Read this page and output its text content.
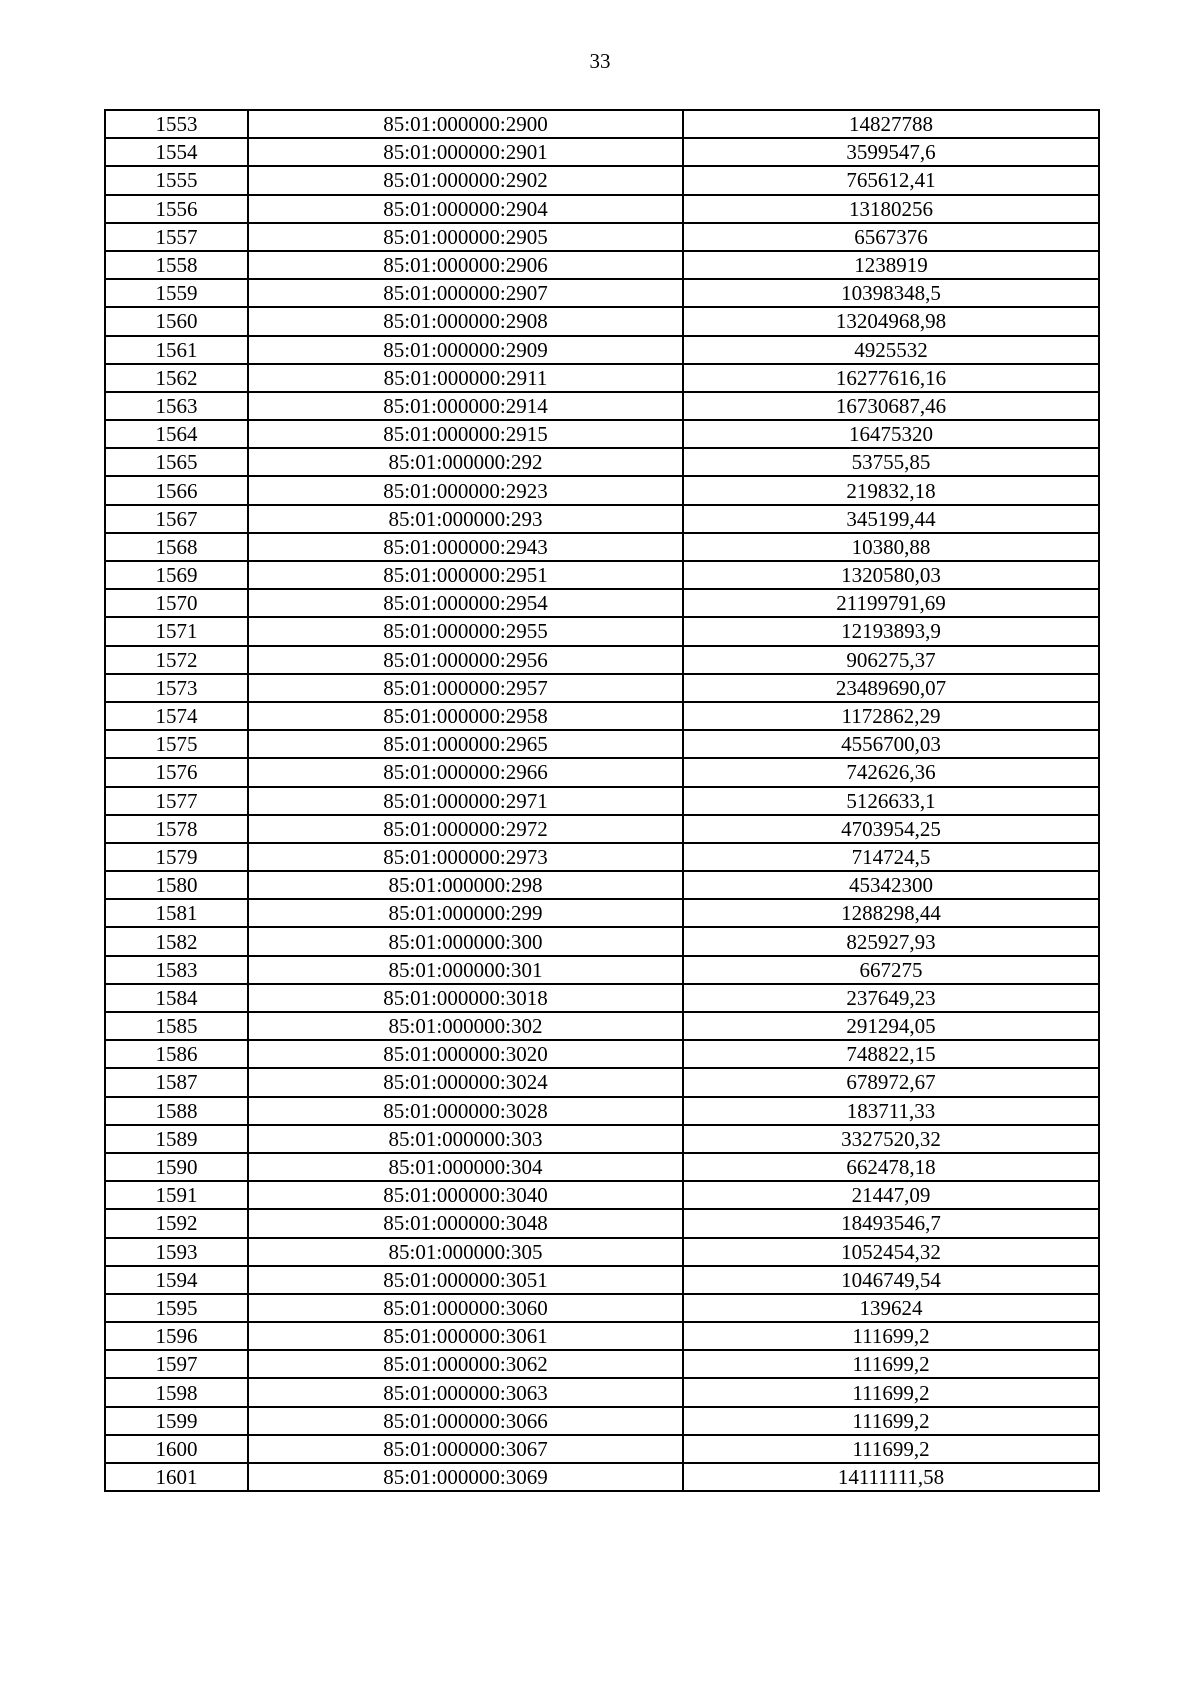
33
1553	85:01:000000:2900	14827788
1554	85:01:000000:2901	3599547,6
1555	85:01:000000:2902	765612,41
1556	85:01:000000:2904	13180256
1557	85:01:000000:2905	6567376
1558	85:01:000000:2906	1238919
1559	85:01:000000:2907	10398348,5
1560	85:01:000000:2908	13204968,98
1561	85:01:000000:2909	4925532
1562	85:01:000000:2911	16277616,16
1563	85:01:000000:2914	16730687,46
1564	85:01:000000:2915	16475320
1565	85:01:000000:292	53755,85
1566	85:01:000000:2923	219832,18
1567	85:01:000000:293	345199,44
1568	85:01:000000:2943	10380,88
1569	85:01:000000:2951	1320580,03
1570	85:01:000000:2954	21199791,69
1571	85:01:000000:2955	12193893,9
1572	85:01:000000:2956	906275,37
1573	85:01:000000:2957	23489690,07
1574	85:01:000000:2958	1172862,29
1575	85:01:000000:2965	4556700,03
1576	85:01:000000:2966	742626,36
1577	85:01:000000:2971	5126633,1
1578	85:01:000000:2972	4703954,25
1579	85:01:000000:2973	714724,5
1580	85:01:000000:298	45342300
1581	85:01:000000:299	1288298,44
1582	85:01:000000:300	825927,93
1583	85:01:000000:301	667275
1584	85:01:000000:3018	237649,23
1585	85:01:000000:302	291294,05
1586	85:01:000000:3020	748822,15
1587	85:01:000000:3024	678972,67
1588	85:01:000000:3028	183711,33
1589	85:01:000000:303	3327520,32
1590	85:01:000000:304	662478,18
1591	85:01:000000:3040	21447,09
1592	85:01:000000:3048	18493546,7
1593	85:01:000000:305	1052454,32
1594	85:01:000000:3051	1046749,54
1595	85:01:000000:3060	139624
1596	85:01:000000:3061	111699,2
1597	85:01:000000:3062	111699,2
1598	85:01:000000:3063	111699,2
1599	85:01:000000:3066	111699,2
1600	85:01:000000:3067	111699,2
1601	85:01:000000:3069	14111111,58
